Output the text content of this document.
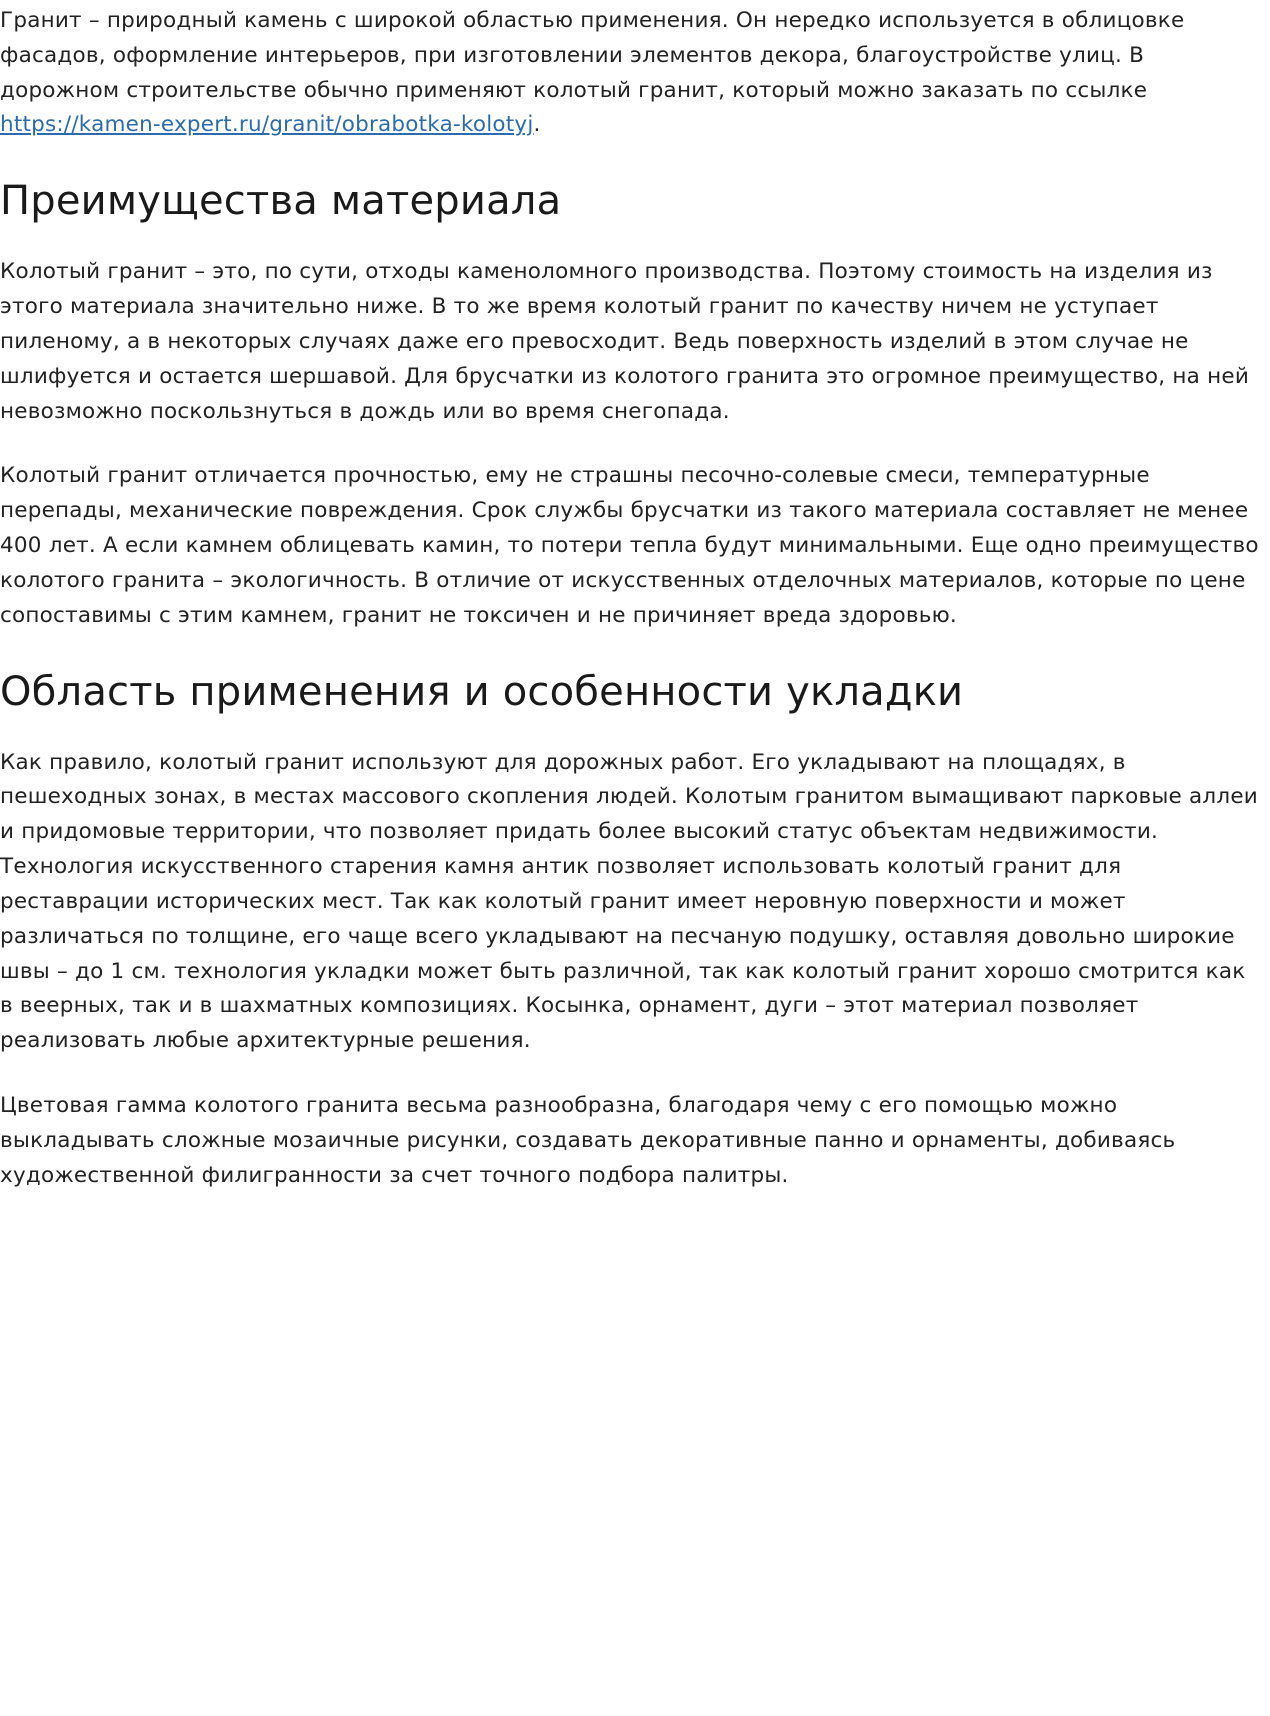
Гранит – природный камень с широкой областью применения. Он нередко используется в облицовке фасадов, оформление интерьеров, при изготовлении элементов декора, благоустройстве улиц. В дорожном строительстве обычно применяют колотый гранит, который можно заказать по ссылке https://kamen-expert.ru/granit/obrabotka-kolotyj.

Преимущества материала

Колотый гранит – это, по сути, отходы каменоломного производства. Поэтому стоимость на изделия из этого материала значительно ниже. В то же время колотый гранит по качеству ничем не уступает пиленому, а в некоторых случаях даже его превосходит. Ведь поверхность изделий в этом случае не шлифуется и остается шершавой. Для брусчатки из колотого гранита это огромное преимущество, на ней невозможно поскользнуться в дождь или во время снегопада.

Колотый гранит отличается прочностью, ему не страшны песочно-солевые смеси, температурные перепады, механические повреждения. Срок службы брусчатки из такого материала составляет не менее 400 лет. А если камнем облицевать камин, то потери тепла будут минимальными. Еще одно преимущество колотого гранита – экологичность. В отличие от искусственных отделочных материалов, которые по цене сопоставимы с этим камнем, гранит не токсичен и не причиняет вреда здоровью.

Область применения и особенности укладки

Как правило, колотый гранит используют для дорожных работ. Его укладывают на площадях, в пешеходных зонах, в местах массового скопления людей. Колотым гранитом вымащивают парковые аллеи и придомовые территории, что позволяет придать более высокий статус объектам недвижимости. Технология искусственного старения камня антик позволяет использовать колотый гранит для реставрации исторических мест. Так как колотый гранит имеет неровную поверхности и может различаться по толщине, его чаще всего укладывают на песчаную подушку, оставляя довольно широкие швы – до 1 см. технология укладки может быть различной, так как колотый гранит хорошо смотрится как в веерных, так и в шахматных композициях. Косынка, орнамент, дуги – этот материал позволяет реализовать любые архитектурные решения.

Цветовая гамма колотого гранита весьма разнообразна, благодаря чему с его помощью можно выкладывать сложные мозаичные рисунки, создавать декоративные панно и орнаменты, добиваясь художественной филигранности за счет точного подбора палитры.
